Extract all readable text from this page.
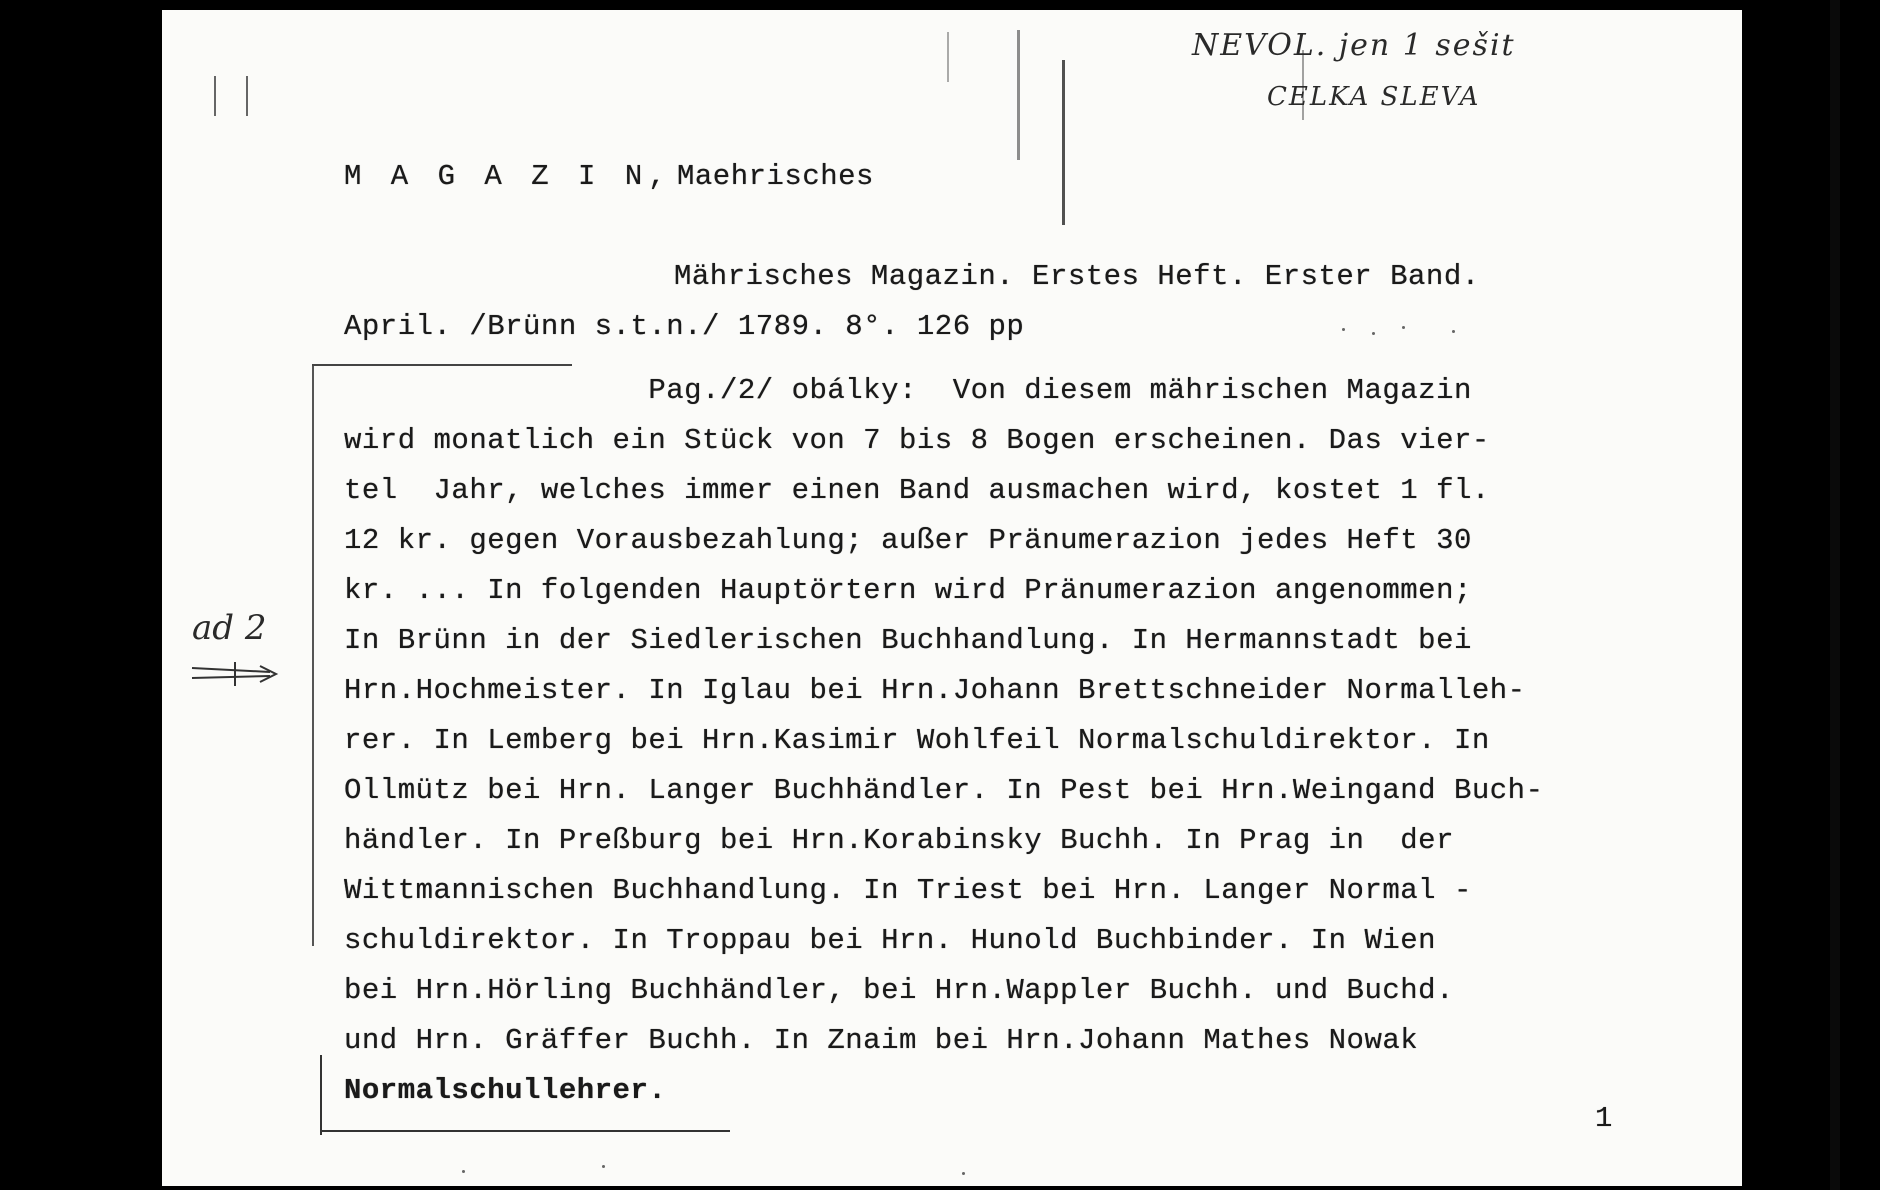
NEVOL. jen 1 sešit
CELKA SLEVA
M A G A Z I N, Maehrisches
Mährisches Magazin. Erstes Heft. Erster Band.
April. /Brünn s.t.n./ 1789. 8°. 126 pp
ad 2
Pag./2/ obálky:  Von diesem mährischen Magazin
wird monatlich ein Stück von 7 bis 8 Bogen erscheinen. Das vier-
tel  Jahr, welches immer einen Band ausmachen wird, kostet 1 fl.
12 kr. gegen Vorausbezahlung; außer Pränumerazion jedes Heft 30
kr. ... In folgenden Hauptörtern wird Pränumerazion angenommen;
In Brünn in der Siedlerischen Buchhandlung. In Hermannstadt bei
Hrn.Hochmeister. In Iglau bei Hrn.Johann Brettschneider Normalleh-
rer. In Lemberg bei Hrn.Kasimir Wohlfeil Normalschuldirektor. In
Ollmütz bei Hrn. Langer Buchhändler. In Pest bei Hrn.Weingand Buch-
händler. In Preßburg bei Hrn.Korabinsky Buchh. In Prag in  der
Wittmannischen Buchhandlung. In Triest bei Hrn. Langer Normal -
schuldirektor. In Troppau bei Hrn. Hunold Buchbinder. In Wien
bei Hrn.Hörling Buchhändler, bei Hrn.Wappler Buchh. und Buchd.
und Hrn. Gräffer Buchh. In Znaim bei Hrn.Johann Mathes Nowak
Normalschullehrer.
1
